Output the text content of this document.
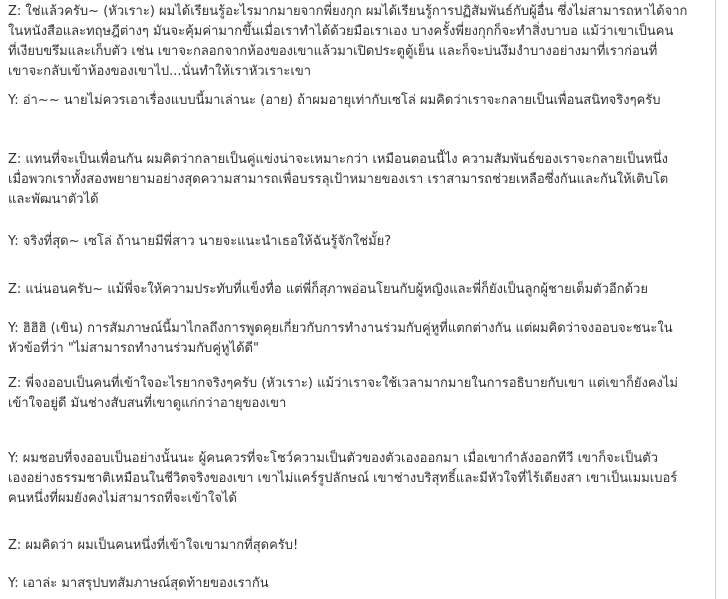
Z: ใช่แล้วครับ~ (หัวเราะ) ผมได้เรียนรู้อะไรมากมายจากพี่ยงกุก ผมได้เรียนรู้การปฏิสัมพันธ์กับผู้อื่น ซึ่งไม่สามารถหาได้จาก
ในหนังสือและทฤษฎีต่างๆ มันจะคุ้มค่ามากขึ้นเมื่อเราทำได้ด้วยมือเราเอง บางครั้งพี่ยงกุกก็จะทำสิ่งบาบอ แม้ว่าเขาเป็นคน
ที่เงียบขรึมและเก็บตัว เช่น เขาจะกลอกจากห้องของเขาแล้วมาเปิดประตูตู้เย็น และก็จะบ่นงึมงำบางอย่างมาที่เราก่อนที่
เขาจะกลับเข้าห้องของเขาไป...นั่นทำให้เราหัวเราะเขา

Y: อ่า~~ นายไม่ควรเอาเรื่องแบบนี้มาเล่านะ (อาย) ถ้าผมอายุเท่ากับเซโล่ ผมคิดว่าเราจะกลายเป็นเพื่อนสนิทจริงๆครับ

Z: แทนที่จะเป็นเพื่อนกัน ผมคิดว่ากลายเป็นคู่แข่งน่าจะเหมาะกว่า เหมือนตอนนี้ไง ความสัมพันธ์ของเราจะกลายเป็นหนึ่ง
เมื่อพวกเราทั้งสองพยายามอย่างสุดความสามารถเพื่อบรรลุเป้าหมายของเรา เราสามารถช่วยเหลือซึ่งกันและกันให้เติบโต
และพัฒนาตัวได้

Y: จริงที่สุด~ เซโล่ ถ้านายมีพี่สาว นายจะแนะนำเธอให้ฉันรู้จักใช่มั้ย?

Z: แน่นอนครับ~ แม้พี่จะให้ความประทับที่แข็งทื่อ แต่พี่ก็สุภาพอ่อนโยนกับผู้หญิงและพี่ก็ยังเป็นลูกผู้ชายเต็มตัวอีกด้วย

Y: ฮิฮิฮิ (เขิน) การสัมภาษณ์นี้มาไกลถึงการพูดคุยเกี่ยวกับการทำงานร่วมกับคู่หูที่แตกต่างกัน แต่ผมคิดว่าจงออบจะชนะใน
หัวข้อที่ว่า "ไม่สามารถทำงานร่วมกับคู่หูได้ดี"

Z: พี่จงออบเป็นคนที่เข้าใจอะไรยากจริงๆครับ (หัวเราะ) แม้ว่าเราจะใช้เวลามากมายในการอธิบายกับเขา แต่เขาก็ยังคงไม่
เข้าใจอยู่ดี มันช่างสับสนที่เขาดูแก่กว่าอายุของเขา

Y: ผมชอบที่จงออบเป็นอย่างนั้นนะ ผู้คนควรที่จะโชว์ความเป็นตัวของตัวเองออกมา เมื่อเขากำลังออกทีวี เขาก็จะเป็นตัว
เองอย่างธรรมชาติเหมือนในชีวิตจริงของเขา เขาไม่แคร์รูปลักษณ์ เขาช่างบริสุทธิ์และมีหัวใจที่ไร้เดียงสา เขาเป็นเมมเบอร์
คนหนึ่งที่ผมยังคงไม่สามารถที่จะเข้าใจได้

Z: ผมคิดว่า ผมเป็นคนหนึ่งที่เข้าใจเขามากที่สุดครับ!

Y: เอาล่ะ มาสรุปบทสัมภาษณ์สุดท้ายของเรากัน
